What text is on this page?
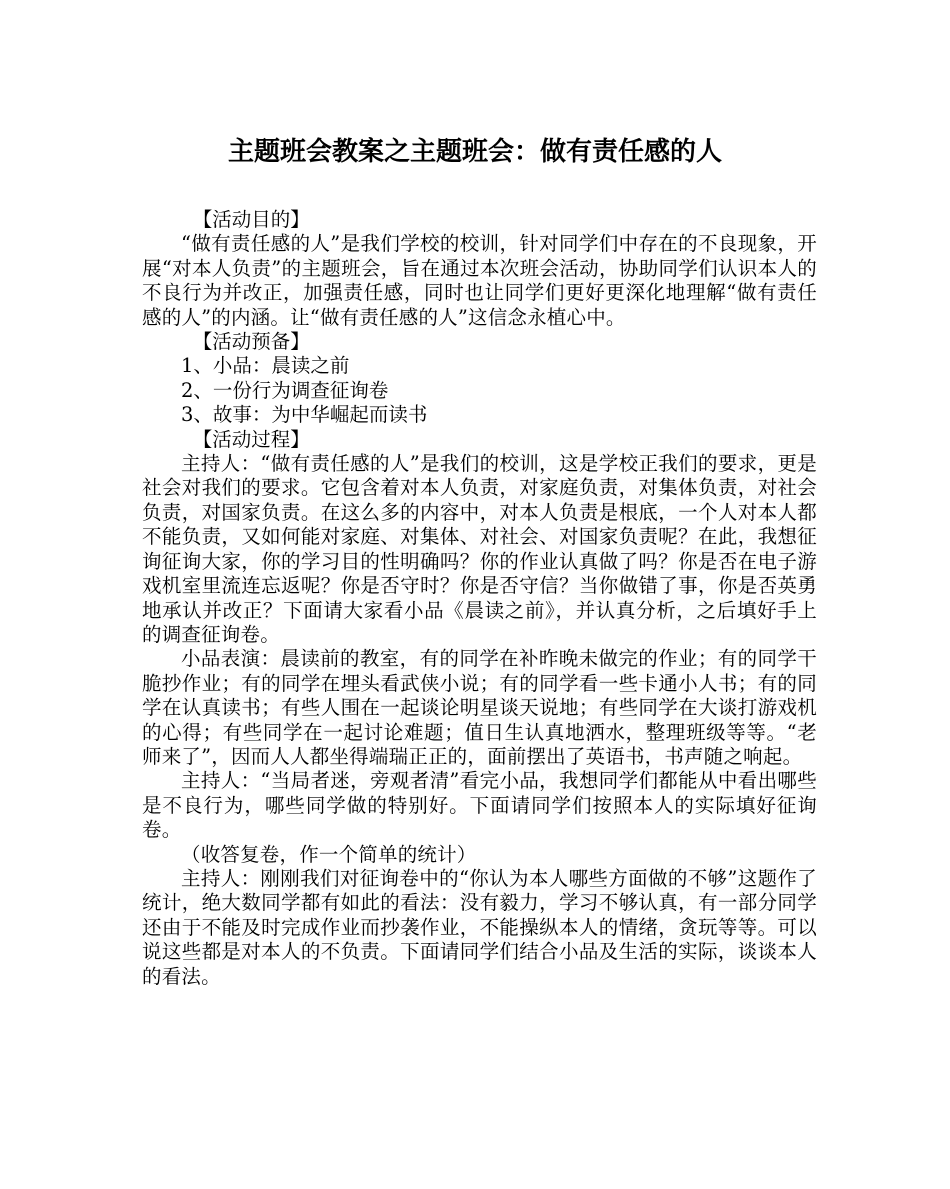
主题班会教案之主题班会：做有责任感的人

【活动目的】

“做有责任感的人”是我们学校的校训，针对同学们中存在的不良现象，开展“对本人负责”的主题班会，旨在通过本次班会活动，协助同学们认识本人的不良行为并改正，加强责任感，同时也让同学们更好更深化地理解“做有责任感的人”的内涵。让“做有责任感的人”这信念永植心中。

【活动预备】

1、小品：晨读之前

2、一份行为调查征询卷

3、故事：为中华崛起而读书

【活动过程】

主持人：“做有责任感的人”是我们的校训，这是学校正我们的要求，更是社会对我们的要求。它包含着对本人负责，对家庭负责，对集体负责，对社会负责，对国家负责。在这么多的内容中，对本人负责是根底，一个人对本人都不能负责，又如何能对家庭、对集体、对社会、对国家负责呢？在此，我想征询征询大家，你的学习目的性明确吗？你的作业认真做了吗？你是否在电子游戏机室里流连忘返呢？你是否守时？你是否守信？当你做错了事，你是否英勇地承认并改正？下面请大家看小品《晨读之前》，并认真分析，之后填好手上的调查征询卷。

小品表演：晨读前的教室，有的同学在补昨晚未做完的作业；有的同学干脆抄作业；有的同学在埋头看武侠小说；有的同学看一些卡通小人书；有的同学在认真读书；有些人围在一起谈论明星谈天说地；有些同学在大谈打游戏机的心得；有些同学在一起讨论难题；值日生认真地洒水，整理班级等等。“老师来了”，因而人人都坐得端瑞正正的，面前摆出了英语书，书声随之响起。

主持人：“当局者迷，旁观者清”看完小品，我想同学们都能从中看出哪些是不良行为，哪些同学做的特别好。下面请同学们按照本人的实际填好征询卷。

（收答复卷，作一个简单的统计）

主持人：刚刚我们对征询卷中的“你认为本人哪些方面做的不够”这题作了统计，绝大数同学都有如此的看法：没有毅力，学习不够认真，有一部分同学还由于不能及时完成作业而抄袭作业，不能操纵本人的情绪，贪玩等等。可以说这些都是对本人的不负责。下面请同学们结合小品及生活的实际，谈谈本人的看法。
